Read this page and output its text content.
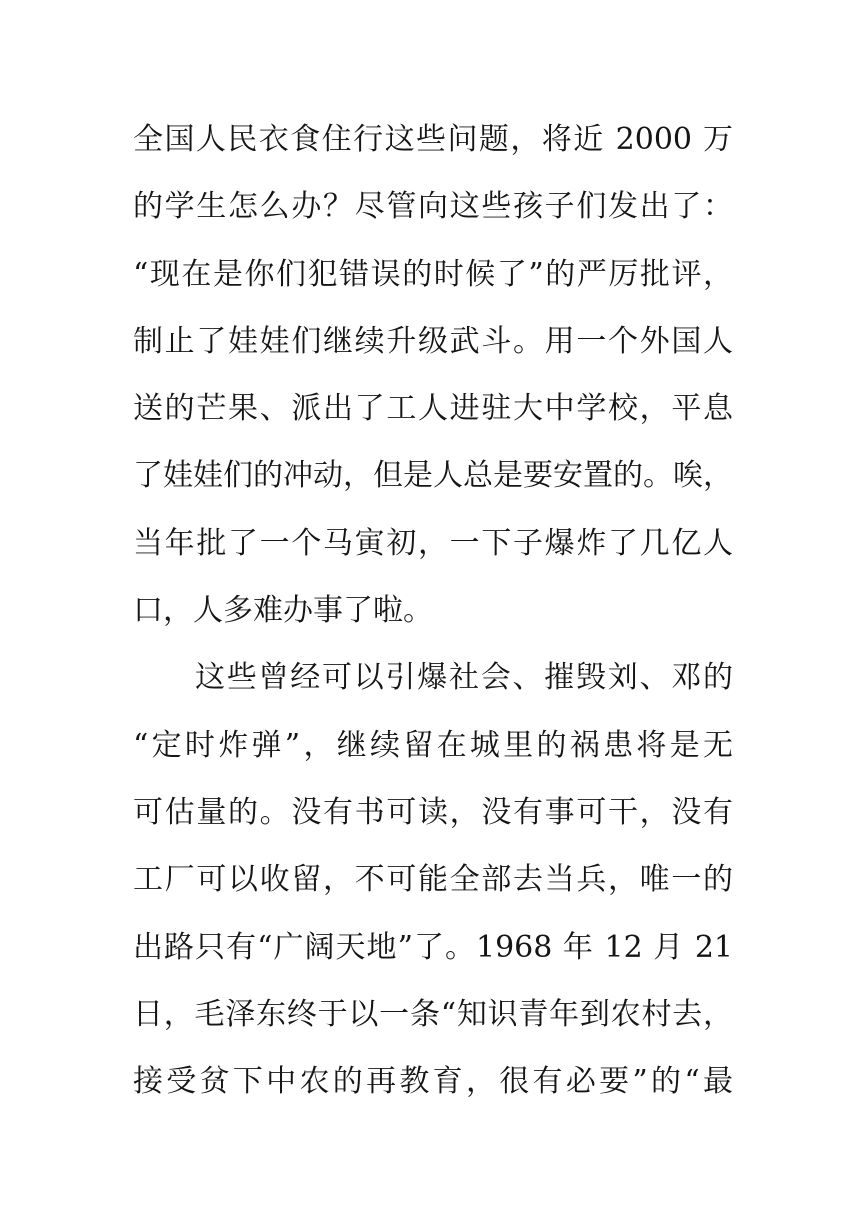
全国人民衣食住行这些问题，将近 2000 万
的学生怎么办？尽管向这些孩子们发出了：
“现在是你们犯错误的时候了”的严厉批评，
制止了娃娃们继续升级武斗。用一个外国人
送的芒果、派出了工人进驻大中学校，平息
了娃娃们的冲动，但是人总是要安置的。唉，
当年批了一个马寅初，一下子爆炸了几亿人
口，人多难办事了啦。
这些曾经可以引爆社会、摧毁刘、邓的
“定时炸弹”，继续留在城里的祸患将是无
可估量的。没有书可读，没有事可干，没有
工厂可以收留，不可能全部去当兵，唯一的
出路只有“广阔天地”了。1968 年 12 月 21
日，毛泽东终于以一条“知识青年到农村去，
接受贫下中农的再教育，很有必要”的“最
